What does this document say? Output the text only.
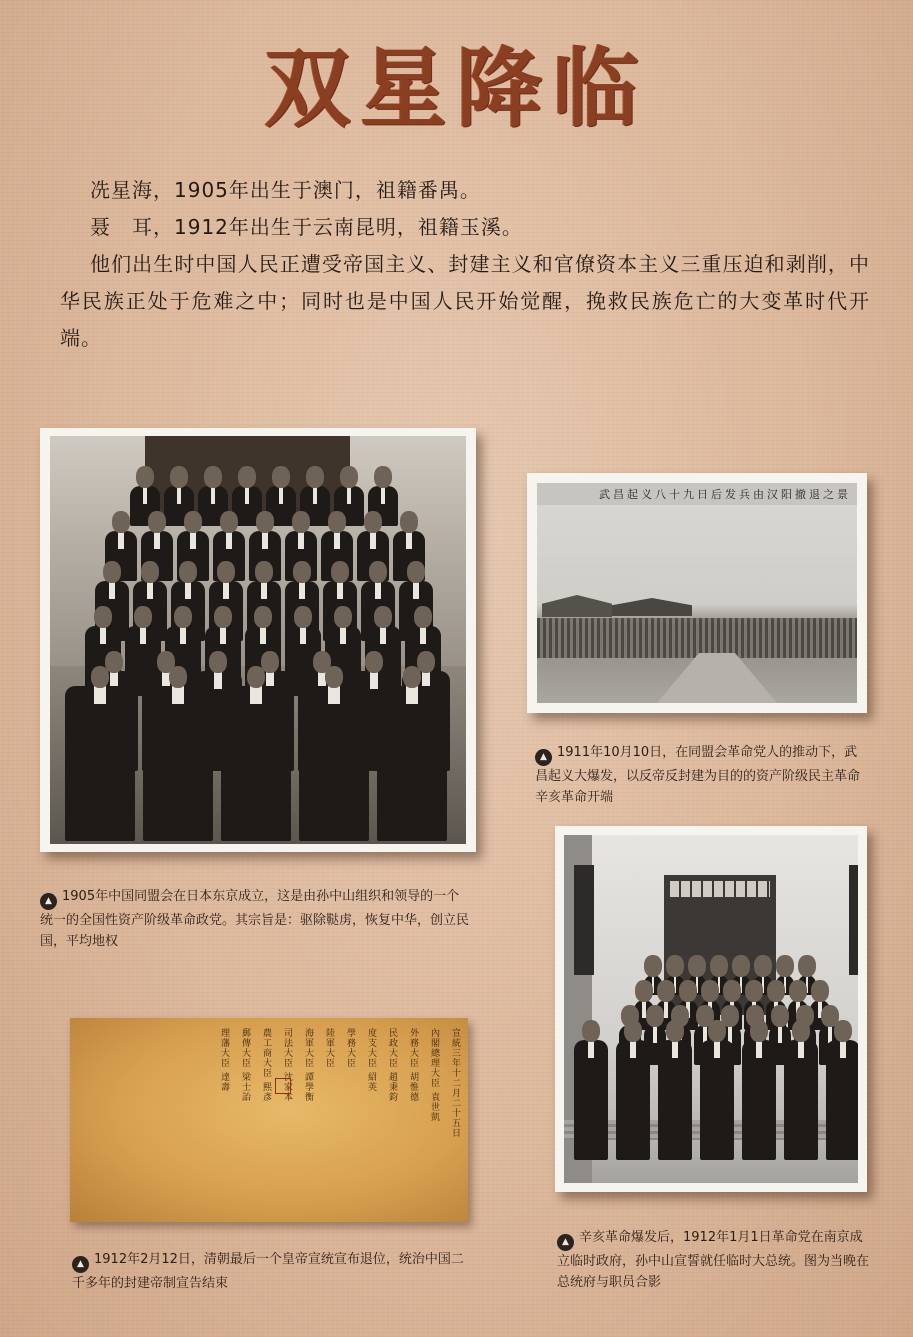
双星降临

冼星海，1905年出生于澳门，祖籍番禺。

聂　耳，1912年出生于云南昆明，祖籍玉溪。

他们出生时中国人民正遭受帝国主义、封建主义和官僚资本主义三重压迫和剥削，中华民族正处于危难之中；同时也是中国人民开始觉醒，挽救民族危亡的大变革时代开端。

▲ 1905年中国同盟会在日本东京成立，这是由孙中山组织和领导的一个统一的全国性资产阶级革命政党。其宗旨是：驱除鞑虏，恢复中华，创立民国，平均地权
武昌起义八十九日后发兵由汉阳撤退之景
▲ 1911年10月10日，在同盟会革命党人的推动下，武昌起义大爆发，以反帝反封建为目的的资产阶级民主革命辛亥革命开端
▲ 辛亥革命爆发后，1912年1月1日革命党在南京成立临时政府，孙中山宣誓就任临时大总统。图为当晚在总统府与职员合影
宣統三年十二月二十五日
內閣總理大臣 袁世凱
外務大臣 胡惟德
民政大臣 趙秉鈞
度支大臣 紹英
學務大臣
陸軍大臣
海軍大臣 譚學衡
司法大臣 沈家本
農工商大臣 熙彥
郵傳大臣 梁士詒
理藩大臣 達壽
▲ 1912年2月12日，清朝最后一个皇帝宣统宣布退位，统治中国二千多年的封建帝制宣告结束
